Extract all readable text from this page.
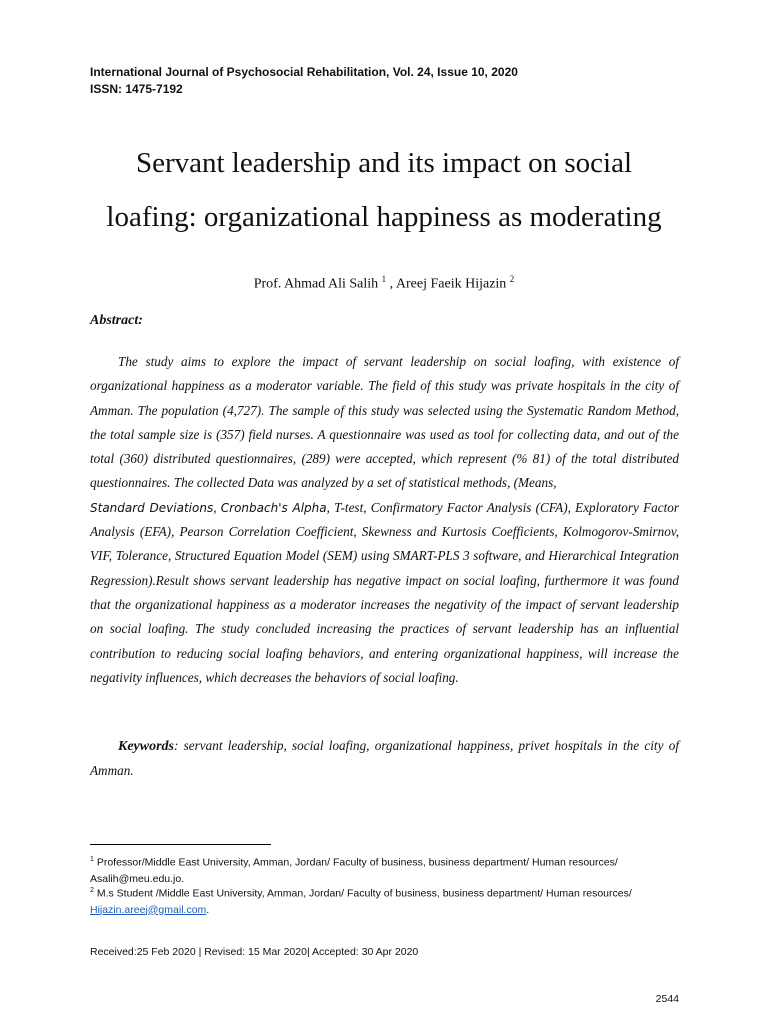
International Journal of Psychosocial Rehabilitation, Vol. 24, Issue 10, 2020
ISSN: 1475-7192
Servant leadership and its impact on social
loafing: organizational happiness as moderating
Prof. Ahmad Ali Salih $^1$ , Areej Faeik Hijazin $^2$
Abstract:

The study aims to explore the impact of servant leadership on social loafing, with existence of organizational happiness as a moderator variable. The field of this study was private hospitals in the city of Amman. The population (4,727). The sample of this study was selected using the Systematic Random Method, the total sample size is (357) field nurses. A questionnaire was used as tool for collecting data, and out of the total (360) distributed questionnaires, (289) were accepted, which represent (% 81) of the total distributed questionnaires. The collected Data was analyzed by a set of statistical methods, (Means,
Standard Deviations, Cronbach's Alpha, T-test, Confirmatory Factor Analysis (CFA), Exploratory Factor Analysis (EFA), Pearson Correlation Coefficient, Skewness and Kurtosis Coefficients, Kolmogorov-Smirnov, VIF, Tolerance, Structured Equation Model (SEM) using SMART-PLS 3 software, and Hierarchical Integration Regression).Result shows servant leadership has negative impact on social loafing, furthermore it was found that the organizational happiness as a moderator increases the negativity of the impact of servant leadership on social loafing. The study concluded increasing the practices of servant leadership has an influential contribution to reducing social loafing behaviors, and entering organizational happiness, will increase the negativity influences, which decreases the behaviors of social loafing.

Keywords: servant leadership, social loafing, organizational happiness, privet hospitals in the city of Amman.

$^1$ Professor/Middle East University, Amman, Jordan/ Faculty of business, business department/ Human resources/ Asalih@meu.edu.jo.

$^2$ M.s Student /Middle East University, Amman, Jordan/ Faculty of business, business department/ Human resources/ Hijazin.areej@gmail.com.

Received:25 Feb 2020 | Revised: 15 Mar 2020| Accepted: 30 Apr 2020
2544
